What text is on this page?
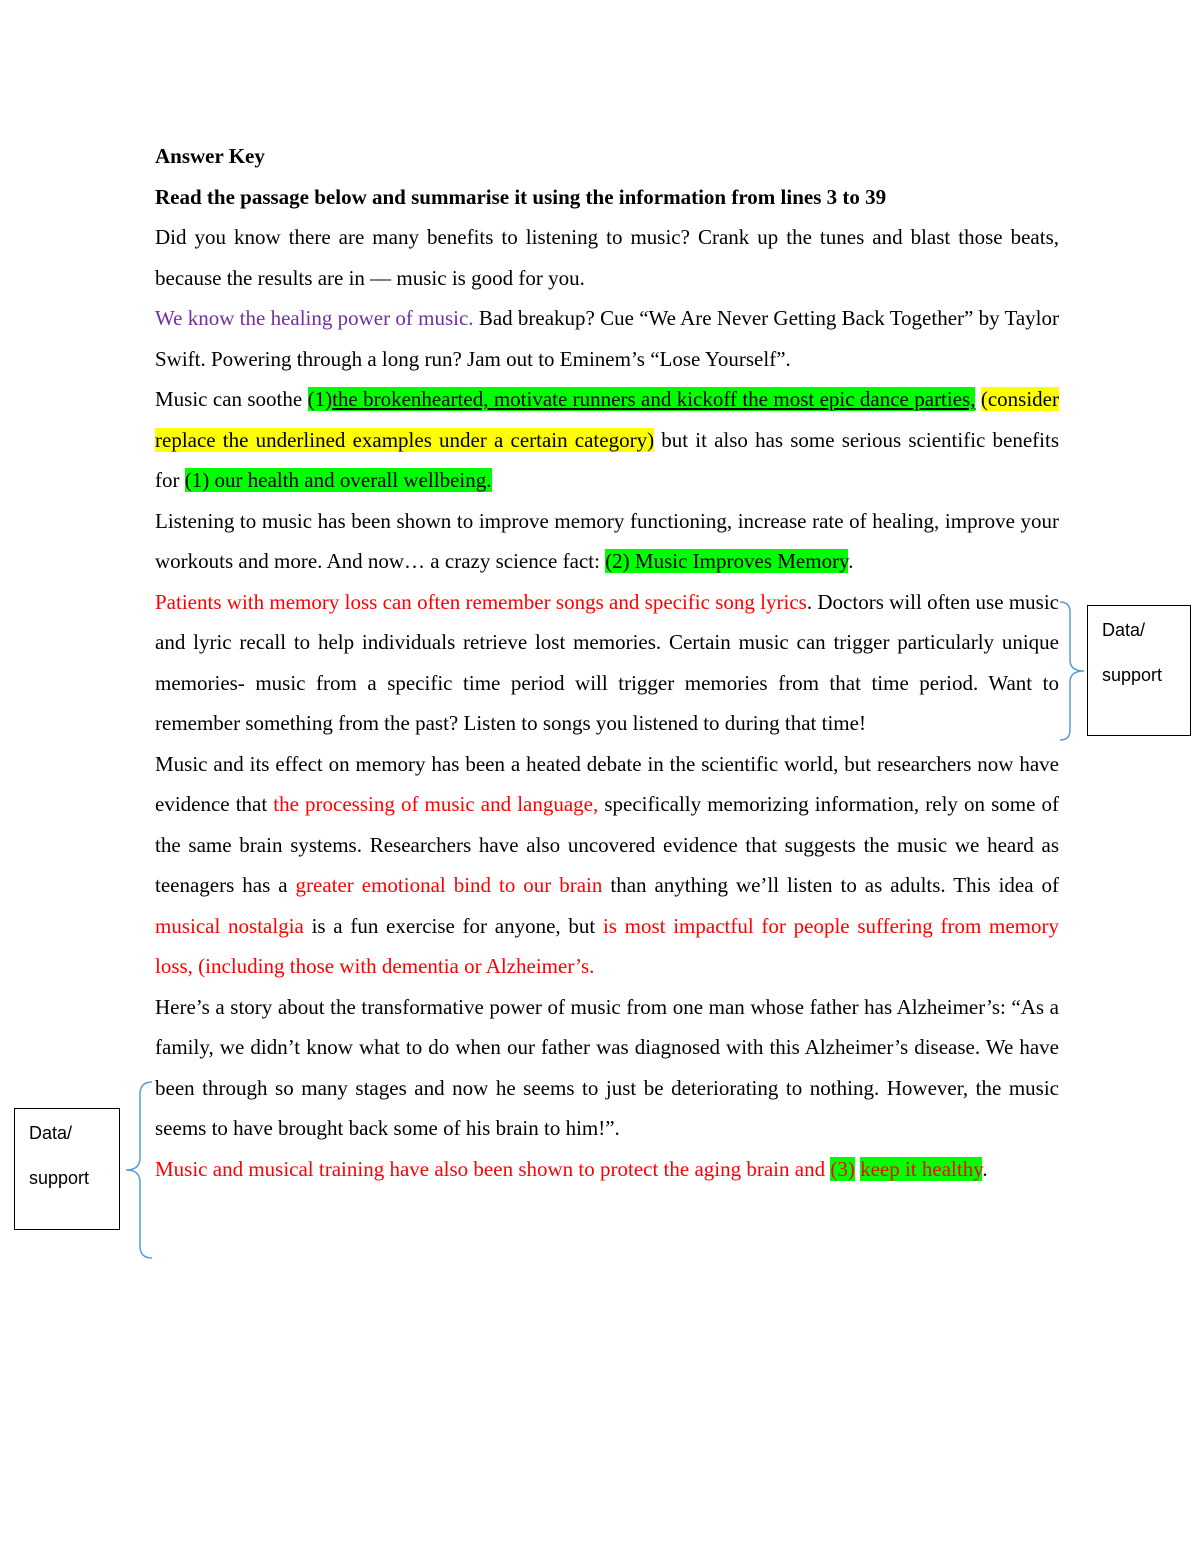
Answer Key

Read the passage below and summarise it using the information from lines 3 to 39

Did you know there are many benefits to listening to music? Crank up the tunes and blast those beats, because the results are in — music is good for you.

We know the healing power of music. Bad breakup? Cue “We Are Never Getting Back Together” by Taylor Swift. Powering through a long run? Jam out to Eminem’s “Lose Yourself”.

Music can soothe (1)the brokenhearted, motivate runners and kickoff the most epic dance parties, (consider replace the underlined examples under a certain category) but it also has some serious scientific benefits for (1) our health and overall wellbeing.

Listening to music has been shown to improve memory functioning, increase rate of healing, improve your workouts and more. And now… a crazy science fact: (2) Music Improves Memory.

Patients with memory loss can often remember songs and specific song lyrics. Doctors will often use music and lyric recall to help individuals retrieve lost memories. Certain music can trigger particularly unique memories- music from a specific time period will trigger memories from that time period. Want to remember something from the past? Listen to songs you listened to during that time!

Music and its effect on memory has been a heated debate in the scientific world, but researchers now have evidence that the processing of music and language, specifically memorizing information, rely on some of the same brain systems. Researchers have also uncovered evidence that suggests the music we heard as teenagers has a greater emotional bind to our brain than anything we’ll listen to as adults. This idea of musical nostalgia is a fun exercise for anyone, but is most impactful for people suffering from memory loss, (including those with dementia or Alzheimer’s.

Here’s a story about the transformative power of music from one man whose father has Alzheimer’s: “As a family, we didn’t know what to do when our father was diagnosed with this Alzheimer’s disease. We have been through so many stages and now he seems to just be deteriorating to nothing. However, the music seems to have brought back some of his brain to him!”.

Music and musical training have also been shown to protect the aging brain and (3) keep it healthy.

Data/
support
Data/
support
